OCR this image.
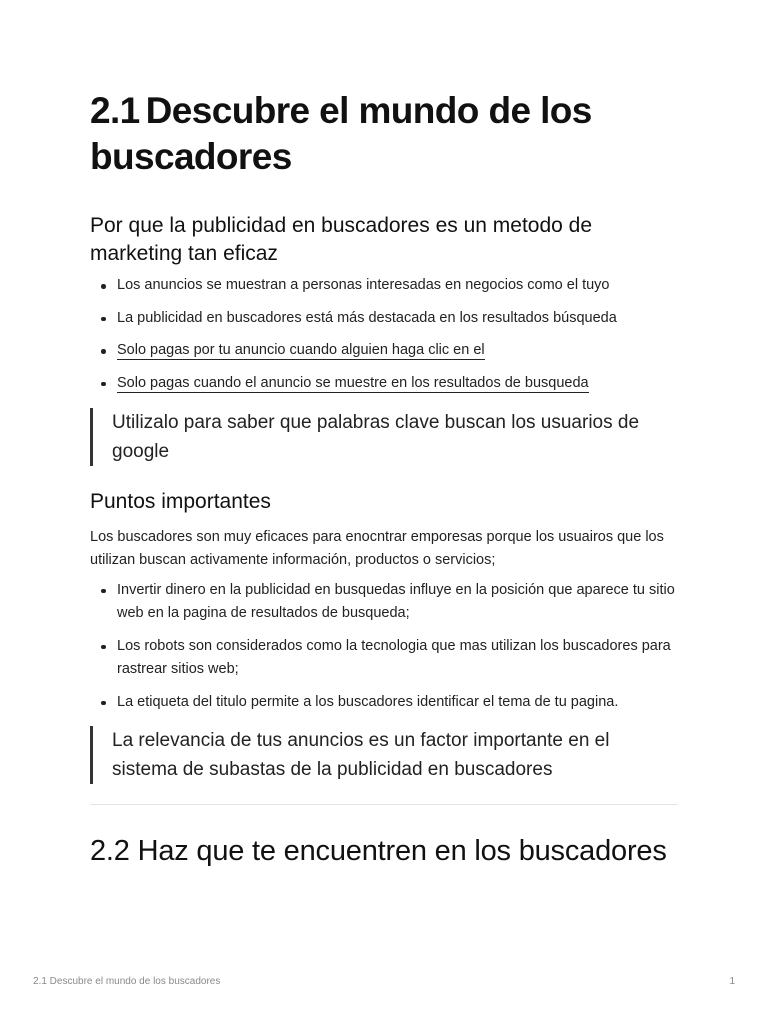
2.1 Descubre el mundo de los buscadores
Por que la publicidad en buscadores es un metodo de marketing tan eficaz
Los anuncios se muestran a personas interesadas en negocios como el tuyo
La publicidad en buscadores está más destacada en los resultados búsqueda
Solo pagas por tu anuncio cuando alguien haga clic en el
Solo pagas cuando el anuncio se muestre en los resultados de busqueda
Utilizalo para saber que palabras clave buscan los usuarios de google
Puntos importantes

Los buscadores son muy eficaces para enocntrar emporesas porque los usuairos que los utilizan buscan activamente información, productos o servicios;

Invertir dinero en la publicidad en busquedas influye en la posición que aparece tu sitio web en la pagina de resultados de busqueda;
Los robots son considerados como la tecnologia que mas utilizan los buscadores para rastrear sitios web;
La etiqueta del titulo permite a los buscadores identificar el tema de tu pagina.
La relevancia de tus anuncios es un factor importante en el sistema de subastas de la publicidad en buscadores
2.2 Haz que te encuentren en los buscadores
2.1 Descubre el mundo de los buscadores	1
